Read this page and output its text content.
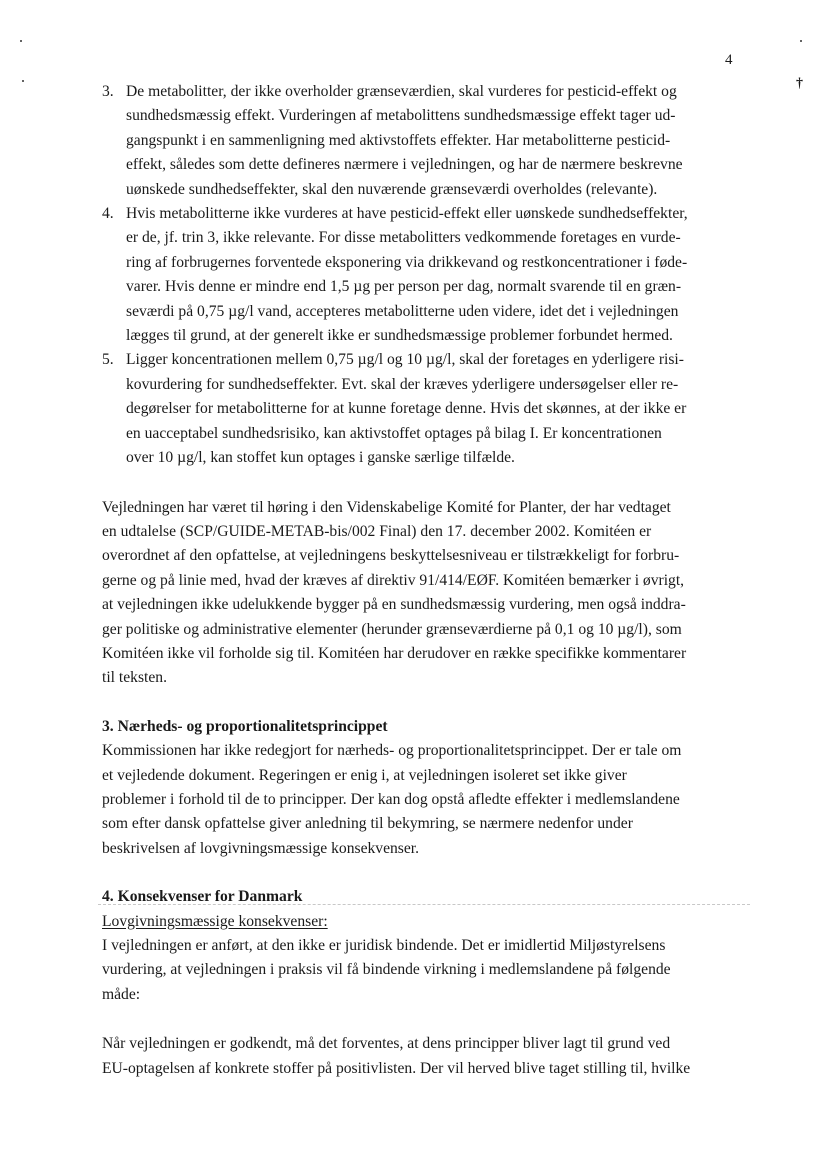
4
†
3. De metabolitter, der ikke overholder grænseværdien, skal vurderes for pesticid-effekt og
sundhedsmæssig effekt. Vurderingen af metabolittens sundhedsmæssige effekt tager ud-
gangspunkt i en sammenligning med aktivstoffets effekter. Har metabolitterne pesticid-
effekt, således som dette defineres nærmere i vejledningen, og har de nærmere beskrevne
uønskede sundhedseffekter, skal den nuværende grænseværdi overholdes (relevante).
4. Hvis metabolitterne ikke vurderes at have pesticid-effekt eller uønskede sundhedseffekter,
er de, jf. trin 3, ikke relevante. For disse metabolitters vedkommende foretages en vurde-
ring af forbrugernes forventede eksponering via drikkevand og restkoncentrationer i føde-
varer. Hvis denne er mindre end 1,5 µg per person per dag, normalt svarende til en græn-
seværdi på 0,75 µg/l vand, accepteres metabolitterne uden videre, idet det i vejledningen
lægges til grund, at der generelt ikke er sundhedsmæssige problemer forbundet hermed.
5. Ligger koncentrationen mellem 0,75 µg/l og 10 µg/l, skal der foretages en yderligere risi-
kovurdering for sundhedseffekter. Evt. skal der kræves yderligere undersøgelser eller re-
degørelser for metabolitterne for at kunne foretage denne. Hvis det skønnes, at der ikke er
en uacceptabel sundhedsrisiko, kan aktivstoffet optages på bilag I. Er koncentrationen
over 10 µg/l, kan stoffet kun optages i ganske særlige tilfælde.

Vejledningen har været til høring i den Videnskabelige Komité for Planter, der har vedtaget
en udtalelse (SCP/GUIDE-METAB-bis/002 Final) den 17. december 2002. Komitéen er
overordnet af den opfattelse, at vejledningens beskyttelsesniveau er tilstrækkeligt for forbru-
gerne og på linie med, hvad der kræves af direktiv 91/414/EØF. Komitéen bemærker i øvrigt,
at vejledningen ikke udelukkende bygger på en sundhedsmæssig vurdering, men også inddra-
ger politiske og administrative elementer (herunder grænseværdierne på 0,1 og 10 µg/l), som
Komitéen ikke vil forholde sig til. Komitéen har derudover en række specifikke kommentarer
til teksten.

3. Nærheds- og proportionalitetsprincippet
Kommissionen har ikke redegjort for nærheds- og proportionalitetsprincippet. Der er tale om
et vejledende dokument. Regeringen er enig i, at vejledningen isoleret set ikke giver
problemer i forhold til de to principper. Der kan dog opstå afledte effekter i medlemslandene
som efter dansk opfattelse giver anledning til bekymring, se nærmere nedenfor under
beskrivelsen af lovgivningsmæssige konsekvenser.
4. Konsekvenser for Danmark
Lovgivningsmæssige konsekvenser:
I vejledningen er anført, at den ikke er juridisk bindende. Det er imidlertid Miljøstyrelsens
vurdering, at vejledningen i praksis vil få bindende virkning i medlemslandene på følgende
måde:

Når vejledningen er godkendt, må det forventes, at dens principper bliver lagt til grund ved
EU-optagelsen af konkrete stoffer på positivlisten. Der vil herved blive taget stilling til, hvilke
